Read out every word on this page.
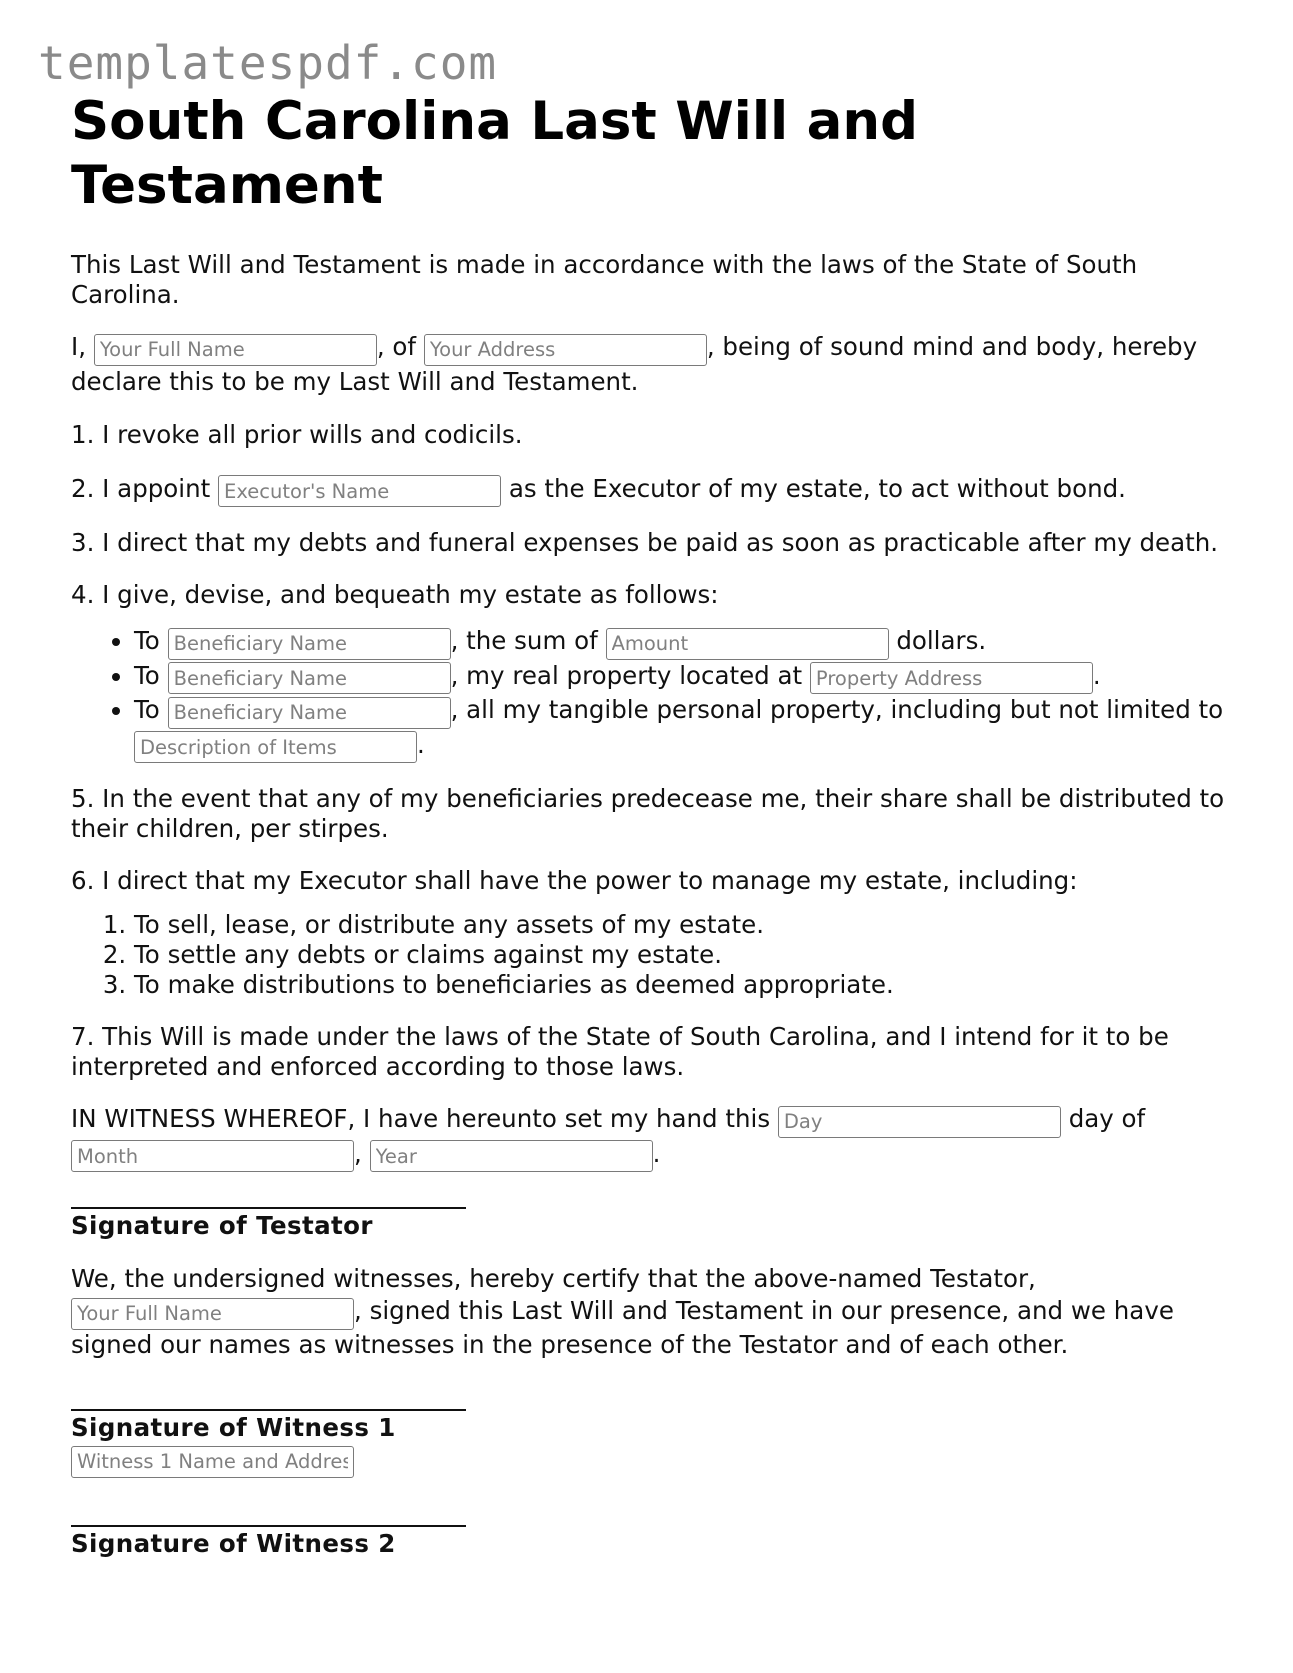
templatespdf.com
South Carolina Last Will and Testament

This Last Will and Testament is made in accordance with the laws of the State of South Carolina.

I, Your Full Name	, of Your Address	, being of sound mind and body, hereby declare this to be my Last Will and Testament.

1. I revoke all prior wills and codicils.

2. I appoint Executor's Name	as the Executor of my estate, to act without bond.

3. I direct that my debts and funeral expenses be paid as soon as practicable after my death.

4. I give, devise, and bequeath my estate as follows:

• To Beneficiary Name	, the sum of Amount	dollars.
• To Beneficiary Name	, my real property located at Property Address	.
• To Beneficiary Name	, all my tangible personal property, including but not limited to Description of Items.

5. In the event that any of my beneficiaries predecease me, their share shall be distributed to their children, per stirpes.

6. I direct that my Executor shall have the power to manage my estate, including:

1. To sell, lease, or distribute any assets of my estate.
2. To settle any debts or claims against my estate.
3. To make distributions to beneficiaries as deemed appropriate.

7. This Will is made under the laws of the State of South Carolina, and I intend for it to be interpreted and enforced according to those laws.

IN WITNESS WHEREOF, I have hereunto set my hand this Day	day of Month, Year	.

Signature of Testator

We, the undersigned witnesses, hereby certify that the above-named Testator, Your Full Name, signed this Last Will and Testament in our presence, and we have signed our names as witnesses in the presence of the Testator and of each other.

Signature of Witness 1
Witness 1 Name and Address
Signature of Witness 2
